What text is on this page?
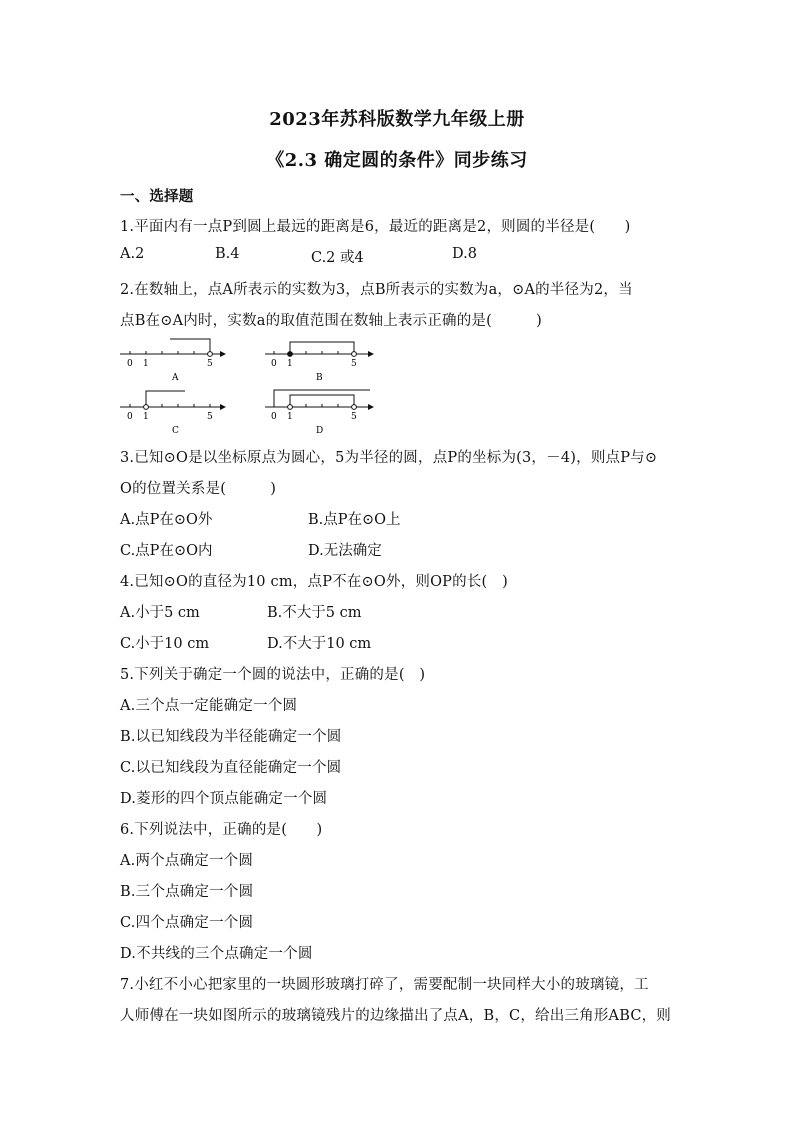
2023年苏科版数学九年级上册
《2.3 确定圆的条件》同步练习
一、选择题
1.平面内有一点P到圆上最远的距离是6，最近的距离是2，则圆的半径是(　　)
A.2	B.4	C.2 或4	D.8
2.在数轴上，点A所表示的实数为3，点B所表示的实数为a，⊙A的半径为2，当
点B在⊙A内时，实数a的取值范围在数轴上表示正确的是(　　　)
0 1	5
A
0 1	5
B
0 1	5
C
0 1	5
D
3.已知⊙O是以坐标原点为圆心，5为半径的圆，点P的坐标为(3，－4)，则点P与⊙
O的位置关系是(　　　)
A.点P在⊙O外	B.点P在⊙O上
C.点P在⊙O内	D.无法确定
4.已知⊙O的直径为10 cm，点P不在⊙O外，则OP的长(　)
A.小于5 cm	B.不大于5 cm
C.小于10 cm	D.不大于10 cm
5.下列关于确定一个圆的说法中，正确的是(　)
A.三个点一定能确定一个圆
B.以已知线段为半径能确定一个圆
C.以已知线段为直径能确定一个圆
D.菱形的四个顶点能确定一个圆
6.下列说法中，正确的是(　　)
A.两个点确定一个圆
B.三个点确定一个圆
C.四个点确定一个圆
D.不共线的三个点确定一个圆
7.小红不小心把家里的一块圆形玻璃打碎了，需要配制一块同样大小的玻璃镜，工
人师傅在一块如图所示的玻璃镜残片的边缘描出了点A，B，C，给出三角形ABC，则
